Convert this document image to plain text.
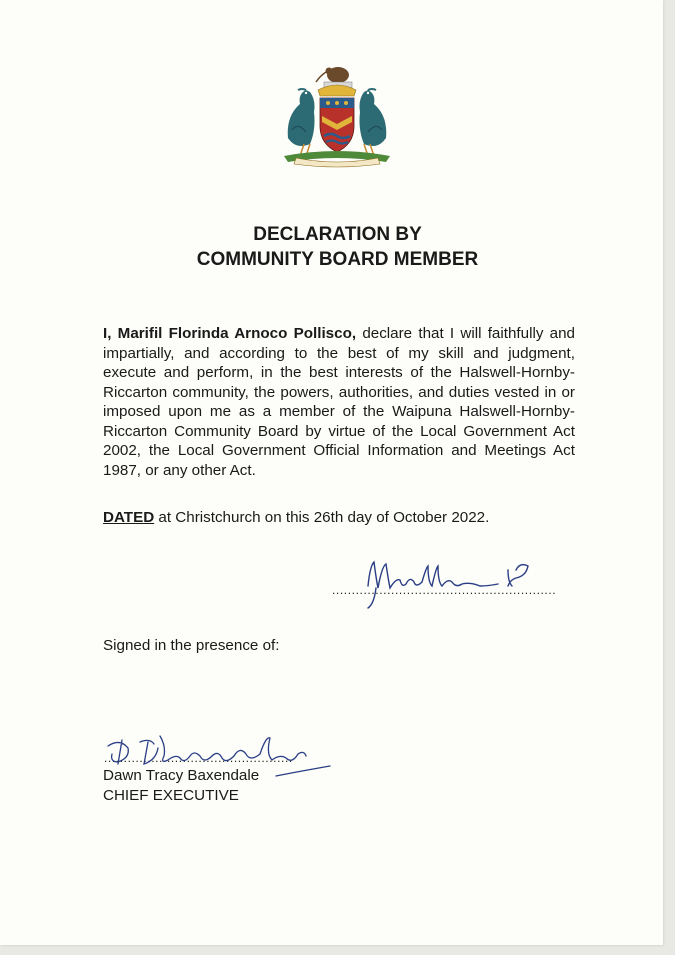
DECLARATION BY
COMMUNITY BOARD MEMBER

I, Marifil Florinda Arnoco Pollisco, declare that I will faithfully and impartially, and according to the best of my skill and judgment, execute and perform, in the best interests of the Halswell-Hornby-Riccarton community, the powers, authorities, and duties vested in or imposed upon me as a member of the Waipuna Halswell-Hornby-Riccarton Community Board by virtue of the Local Government Act 2002, the Local Government Official Information and Meetings Act 1987, or any other Act.

DATED at Christchurch on this 26th day of October 2022.
.........................................................
Signed in the presence of:
................................................
Dawn Tracy Baxendale
CHIEF EXECUTIVE
